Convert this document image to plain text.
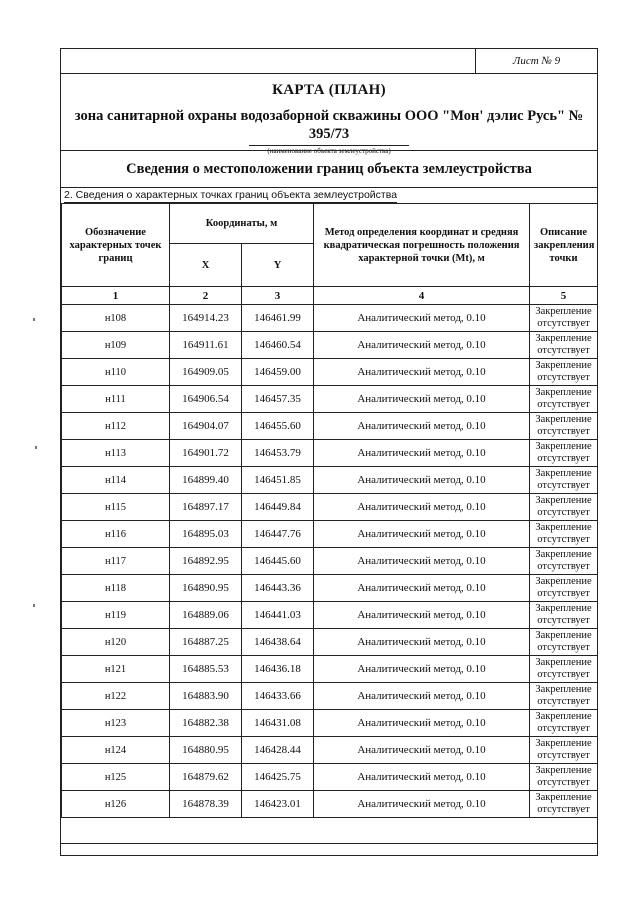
Лист № 9
КАРТА (ПЛАН)
зона санитарной охраны водозаборной скважины ООО "Мон' дэлис Русь" № 395/73
(наименование объекта землеустройства)
Сведения о местоположении границ объекта землеустройства
2. Сведения о характерных точках границ объекта землеустройства
Обозначение характерных точек границ	Координаты, м		Метод определения координат и средняя квадратическая погрешность положения характерной точки (Mt), м	Описание закрепления точки
	X	Y		
1	2	3	4	5
н108	164914.23	146461.99	Аналитический метод, 0.10	Закрепление отсутствует
н109	164911.61	146460.54	Аналитический метод, 0.10	Закрепление отсутствует
н110	164909.05	146459.00	Аналитический метод, 0.10	Закрепление отсутствует
н111	164906.54	146457.35	Аналитический метод, 0.10	Закрепление отсутствует
н112	164904.07	146455.60	Аналитический метод, 0.10	Закрепление отсутствует
н113	164901.72	146453.79	Аналитический метод, 0.10	Закрепление отсутствует
н114	164899.40	146451.85	Аналитический метод, 0.10	Закрепление отсутствует
н115	164897.17	146449.84	Аналитический метод, 0.10	Закрепление отсутствует
н116	164895.03	146447.76	Аналитический метод, 0.10	Закрепление отсутствует
н117	164892.95	146445.60	Аналитический метод, 0.10	Закрепление отсутствует
н118	164890.95	146443.36	Аналитический метод, 0.10	Закрепление отсутствует
н119	164889.06	146441.03	Аналитический метод, 0.10	Закрепление отсутствует
н120	164887.25	146438.64	Аналитический метод, 0.10	Закрепление отсутствует
н121	164885.53	146436.18	Аналитический метод, 0.10	Закрепление отсутствует
н122	164883.90	146433.66	Аналитический метод, 0.10	Закрепление отсутствует
н123	164882.38	146431.08	Аналитический метод, 0.10	Закрепление отсутствует
н124	164880.95	146428.44	Аналитический метод, 0.10	Закрепление отсутствует
н125	164879.62	146425.75	Аналитический метод, 0.10	Закрепление отсутствует
н126	164878.39	146423.01	Аналитический метод, 0.10	Закрепление отсутствует
